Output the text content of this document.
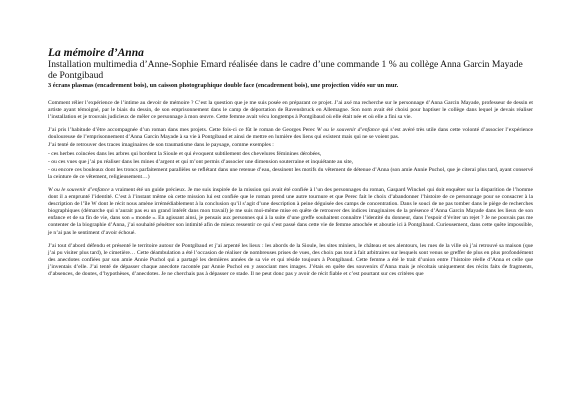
La mémoire d’Anna

Installation multimedia d’Anne-Sophie Emard réalisée dans le cadre d’une commande 1 % au collège Anna Garcin Mayade

de Pontgibaud

3 écrans plasmas (encadrement bois), un caisson photographique double face (encadrement bois), une projection vidéo sur un mur.

Comment rélier l’expérience de l’intime au devoir de mémoire ? C’est la question que je me suis posée en préparant ce projet. J’ai axé ma recherche sur le personnage d’Anna Garcin Mayade, professeur de dessin et artiste ayant témoigné, par le biais du dessin, de son emprisonnement dans le camp de déportation de Ravensbruck en Allemagne. Son nom avait été choisi pour baptiser le collège dans lequel je devais réaliser l’installation et je trouvais judicieux de mêler ce personnage à mon œuvre. Cette femme avait vécu longtemps à Pontgibaud où elle était née et où elle a fini sa vie.

J’ai pris l’habitude d’être accompagnée d’un roman dans mes projets. Cette fois-ci ce fût le roman de Georges Perec W ou le souvenir d’enfance qui s’est avéré très utile dans cette volonté d’associer l’expérience douloureuse de l’emprisonnement d’Anna Garcin Mayade à sa vie à Pontgibaud et ainsi de mettre en lumière des liens qui existent mais qui ne se voient pas.

J’ai tenté de retrouver des traces imaginaires de son traumatisme dans le paysage, comme exemples :

- ces herbes coincées dans les arbres qui bordent la Sioule et qui évoquent subtilement des chevelures féminines dérobées,

- ou ces vues que j’ai pu réaliser dans les mines d’argent et qui m’ont permis d’associer une dimension souterraine et inquiétante au site,

- ou encore ces bouleaux dont les troncs parfaitement parallèles se reflétant dans une retenue d’eau, dessinent les motifs du vêtement de détenue d’Anna (son amie Annie Puchol, que je citerai plus tard, ayant conservé la ceinture de ce vêtement, religieusement…)

W ou le souvenir d’enfance a vraiment été un guide précieux. Je me suis inspirée de la mission qui avait été confiée à l’un des personnages du roman, Gaspard Winckel qui doit enquêter sur la disparition de l’homme dont il a emprunté l’identité. C’est à l’instant même où cette mission lui est confiée que le roman prend une autre tournure et que Perec fait le choix d’abandonner l’histoire de ce personnage pour se consacrer à la description de l’île W dont le récit nous amène irrémédiablement à la conclusion qu’il s’agit d’une description à peine déguisée des camps de concentration. Dans le souci de ne pas tomber dans le piège de recherches biographiques (démarche qui n’aurait pas eu un grand intérêt dans mon travail) je me suis moi-même mise en quête de retrouver des indices imaginaires de la présence d’Anna Garcin Mayade dans les lieux de son enfance et de sa fin de vie, dans son « monde ». En agissant ainsi, je pensais aux personnes qui à la suite d’une greffe souhaitent connaître l’identité du donneur, dans l’espoir d’éviter un rejet ? Je ne pouvais pas me contenter de la biographie d’Anna, j’ai souhaité pénétrer son intimité afin de mieux ressentir ce qui s’est passé dans cette vie de femme amochée et aboutie ici à Pontgibaud. Curieusement, dans cette quête impossible, je n’ai pas le sentiment d’avoir échoué.

J’ai tout d’abord défendu et présenté le territoire autour de Pontgibaud et j’ai arpenté les lieux : les abords de la Sioule, les sites miniers, le château et ses alentours, les rues de la ville où j’ai retrouvé sa maison (que j’ai pu visiter plus tard), le cimetière… Cette déambulation a été l’occasion de réaliser de nombreuses prises de vues, des choix pas tout à fait arbitraires sur lesquels sont venus se greffer de plus en plus profondément des anecdotes confiées par son amie Annie Puchol qui a partagé les dernières années de sa vie et qui réside toujours à Pontgibaud. Cette femme a été le trait d’union entre l’histoire réelle d’Anna et celle que j’inventais d’elle. J’ai tenté de dépasser chaque anecdote racontée par Annie Puchol en y associant mes images. J’étais en quête des souvenirs d’Anna mais je récoltais uniquement des récits faits de fragments, d’absences, de doutes, d’hypothèses, d’anecdotes. Je ne cherchais pas à dépasser ce stade. Il ne peut donc pas y avoir de récit fiable et c’est pourtant sur ces critères que
